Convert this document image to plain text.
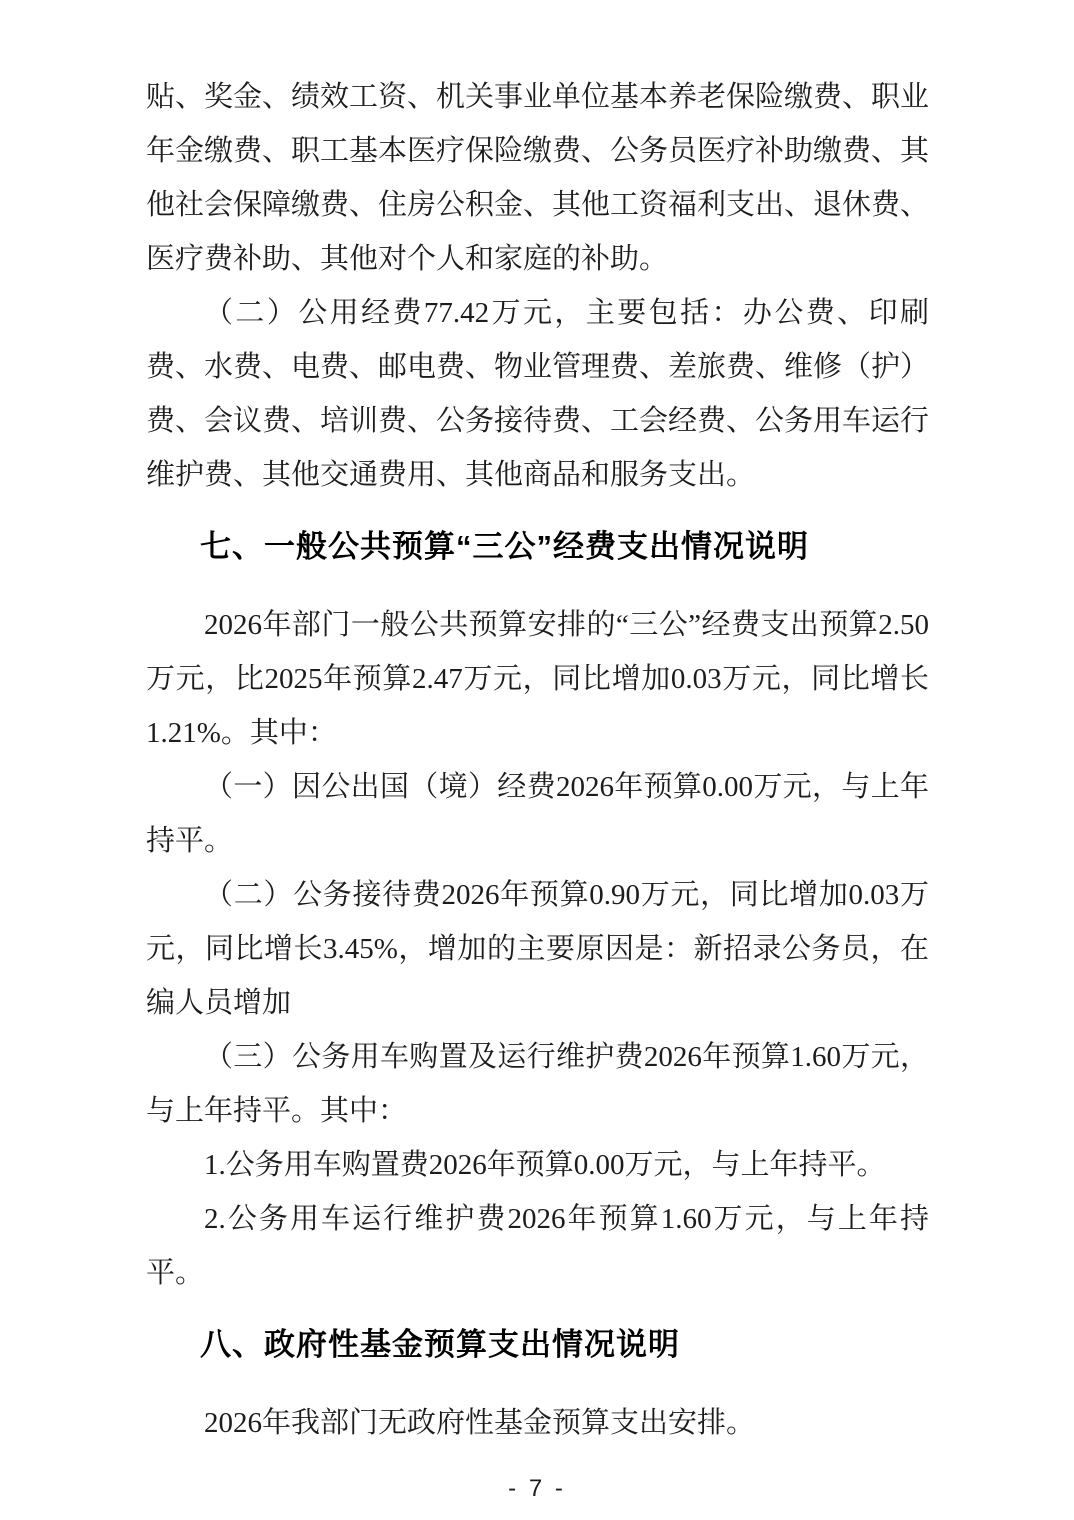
贴、奖金、绩效工资、机关事业单位基本养老保险缴费、职业年金缴费、职工基本医疗保险缴费、公务员医疗补助缴费、其他社会保障缴费、住房公积金、其他工资福利支出、退休费、医疗费补助、其他对个人和家庭的补助。

（二）公用经费77.42万元，主要包括：办公费、印刷费、水费、电费、邮电费、物业管理费、差旅费、维修（护）费、会议费、培训费、公务接待费、工会经费、公务用车运行维护费、其他交通费用、其他商品和服务支出。

七、一般公共预算“三公”经费支出情况说明

2026年部门一般公共预算安排的“三公”经费支出预算2.50万元，比2025年预算2.47万元，同比增加0.03万元，同比增长1.21%。其中：

（一）因公出国（境）经费2026年预算0.00万元，与上年持平。

（二）公务接待费2026年预算0.90万元，同比增加0.03万元，同比增长3.45%，增加的主要原因是：新招录公务员，在编人员增加

（三）公务用车购置及运行维护费2026年预算1.60万元，与上年持平。其中：

1.公务用车购置费2026年预算0.00万元，与上年持平。

2.公务用车运行维护费2026年预算1.60万元，与上年持平。

八、政府性基金预算支出情况说明

2026年我部门无政府性基金预算支出安排。

- 7 -
